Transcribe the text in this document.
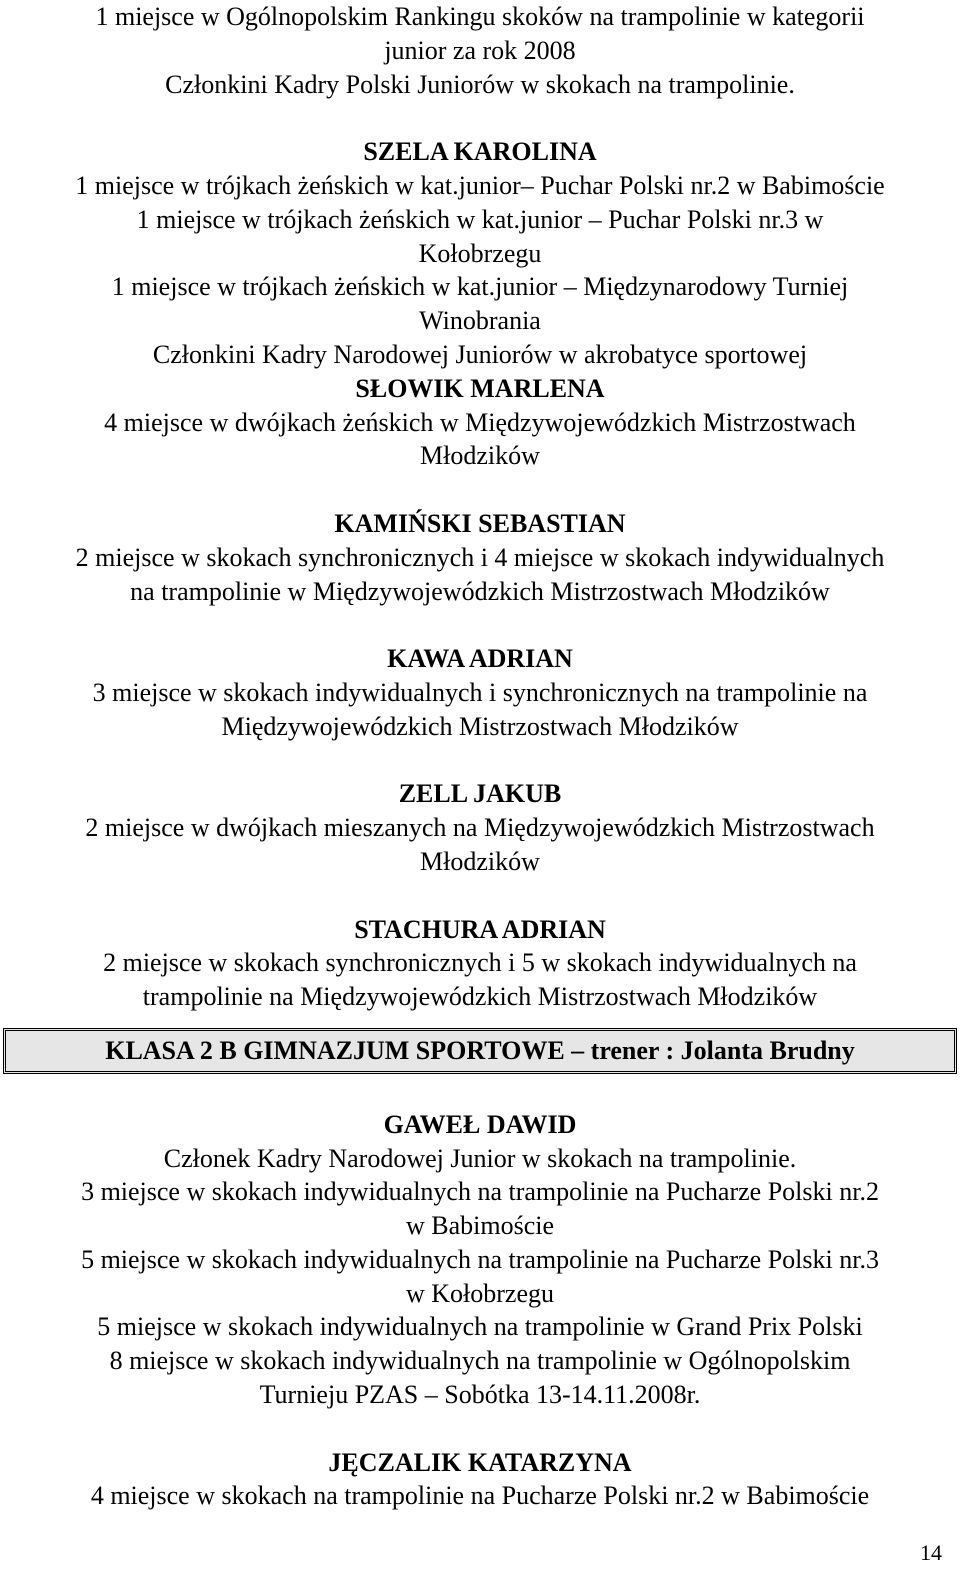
1 miejsce w Ogólnopolskim Rankingu skoków na trampolinie w kategorii
junior za rok 2008
Członkini Kadry Polski Juniorów w skokach na trampolinie.
SZELA KAROLINA
1 miejsce w trójkach żeńskich w kat.junior– Puchar Polski nr.2 w Babimoście
1 miejsce w trójkach żeńskich w kat.junior – Puchar Polski nr.3 w
Kołobrzegu
1 miejsce w trójkach żeńskich w kat.junior – Międzynarodowy Turniej
Winobrania
Członkini Kadry Narodowej Juniorów w akrobatyce sportowej
SŁOWIK MARLENA
4 miejsce w dwójkach żeńskich w Międzywojewódzkich Mistrzostwach
Młodzików
KAMIŃSKI SEBASTIAN
2 miejsce w skokach synchronicznych i 4 miejsce w skokach indywidualnych
na trampolinie w Międzywojewódzkich Mistrzostwach Młodzików
KAWA ADRIAN
3 miejsce w skokach indywidualnych i synchronicznych na trampolinie na
Międzywojewódzkich Mistrzostwach Młodzików
ZELL JAKUB
2 miejsce w dwójkach mieszanych na Międzywojewódzkich Mistrzostwach
Młodzików
STACHURA ADRIAN
2 miejsce w skokach synchronicznych i 5 w skokach indywidualnych na
trampolinie na Międzywojewódzkich Mistrzostwach Młodzików
KLASA 2 B GIMNAZJUM SPORTOWE – trener : Jolanta Brudny
GAWEŁ DAWID
Członek Kadry Narodowej Junior w skokach na trampolinie.
3 miejsce w skokach indywidualnych na trampolinie na Pucharze Polski nr.2
w Babimoście
5 miejsce w skokach indywidualnych na trampolinie na Pucharze Polski nr.3
w Kołobrzegu
5 miejsce w skokach indywidualnych na trampolinie w Grand Prix Polski
8 miejsce w skokach indywidualnych na trampolinie w Ogólnopolskim
Turnieju PZAS – Sobótka 13-14.11.2008r.
JĘCZALIK KATARZYNA
4 miejsce w skokach na trampolinie na Pucharze Polski nr.2 w Babimoście
14
